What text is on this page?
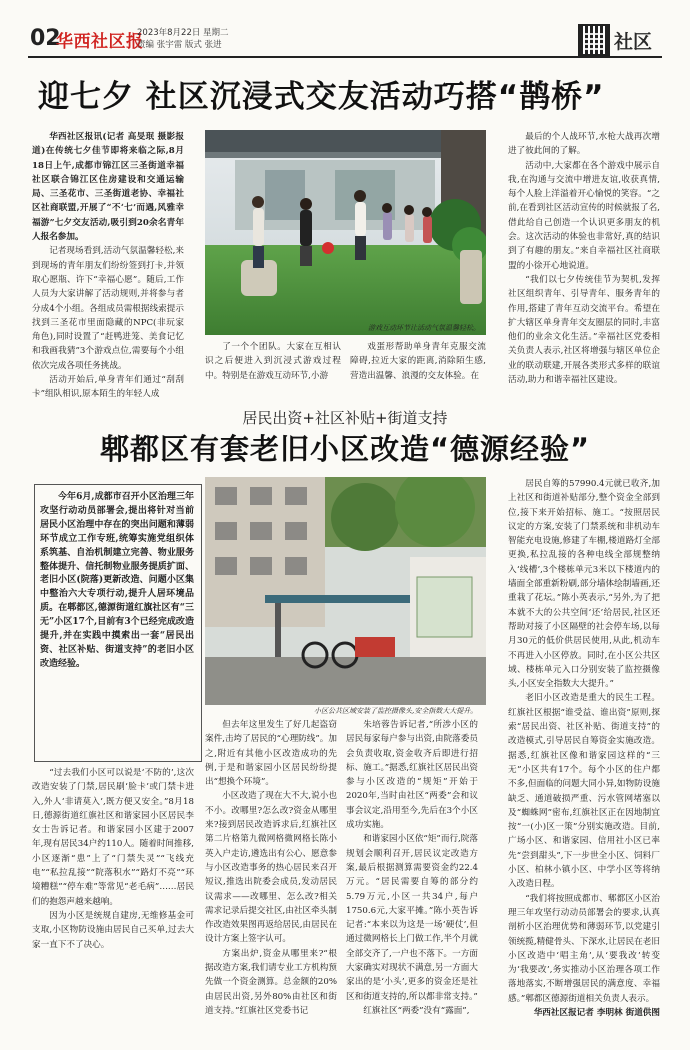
02
华西社区报
2023年8月22日 星期二
责编 张宇雷 版式 张进	社区
迎七夕 社区沉浸式交友活动巧搭“鹊桥”

华西社区报讯(记者 高旻珉 摄影报道)在传统七夕佳节即将来临之际,8月18日上午,成都市锦江区三圣街道幸福社区联合锦江区住房建设和交通运输局、三圣花市、三圣街道老协、幸福社区社商联盟,开展了“不‘七’而遇,风雅幸福游”七夕交友活动,吸引到20余名青年人报名参加。

记者现场看到,活动气氛温馨轻松,来到现场的青年朋友们纷纷签到打卡,并领取心愿瓶、许下“幸福心愿”。随后,工作人员为大家讲解了活动规则,并将参与者分成4个小组。各组成员需根据线索提示找到三圣花市里面隐藏的NPC(非玩家角色),同时设置了“赶鸭进笼、美食记忆和我画我猜”3个游戏点位,需要每个小组依次完成各项任务挑战。

活动开始后,单身青年们通过“刮刮卡”组队相识,原本陌生的年轻人成

游戏互动环节让活动气氛温馨轻松。

了一个个团队。大家在互相认识之后便进入到沉浸式游戏过程中。特别是在游戏互动环节,小游

戏蛋形帮助单身青年克服交流障碍,拉近大家的距离,消除陌生感,营造出温馨、浪漫的交友体验。在

最后的个人战环节,水枪大战再次增进了彼此间的了解。

活动中,大家都在各个游戏中展示自我,在沟通与交流中增进友谊,收获真情,每个人脸上洋溢着开心愉悦的笑容。“之前,在看到社区活动宣传的时候就报了名,借此给自己创造一个认识更多朋友的机会。这次活动的体验也非常好,真的结识到了有趣的朋友。”来自幸福社区社商联盟的小徐开心地说道。

“我们以七夕传统佳节为契机,发挥社区组织青年、引导青年、服务青年的作用,搭建了青年互动交流平台。希望在扩大辖区单身青年交友圈层的同时,丰富他们的业余文化生活。”幸福社区党委相关负责人表示,社区将增强与辖区单位企业的联动联建,开展各类形式多样的联谊活动,助力和谐幸福社区建设。

居民出资+社区补贴+街道支持
郫都区有套老旧小区改造“德源经验”

今年6月,成都市召开小区治理三年攻坚行动动员部署会,提出将针对当前居民小区治理中存在的突出问题和薄弱环节成立工作专班,统筹实施党组织体系筑基、自治机制建立完善、物业服务整体提升、信托制物业服务提质扩面、老旧小区(院落)更新改造、问题小区集中整治六大专项行动,提升人居环境品质。在郫都区,德源街道红旗社区有“三无”小区17个,目前有3个已经完成改造提升,并在实践中摸索出一套“居民出资、社区补贴、街道支持”的老旧小区改造经验。

小区公共区域安装了监控摄像头,安全指数大大提升。

“过去我们小区可以说是‘不防的’,这次改造安装了门禁,居民刷‘脸卡’或门禁卡进入,外人‘非请莫入’,既方便又安全。”8月18日,德源街道红旗社区和谐家园小区居民李女士告诉记者。和谐家园小区建于2007年,现有居民34户约110人。随着时间推移,小区逐渐“患”上了“门禁失灵”“飞线充电”“私拉乱接”“院落积水”“路灯不亮”“环境糟糕”“停车难”等常见“老毛病”……居民们的抱怨声越来越响。

因为小区是统规自建房,无维修基金可支取,小区物防设施由居民自己买单,过去大家一直下不了决心。

但去年这里发生了好几起盗窃案件,击垮了居民的“心理防线”。加之,附近有其他小区改造成功的先例,于是和谐家园小区居民纷纷提出“想换个环境”。

小区改造了现在大不大,说小也不小。改哪里?怎么改?资金从哪里来?接到居民改造诉求后,红旗社区第二片格第九微网格微网格长陈小英入户走访,遴选出有公心、愿意参与小区改造事务的热心居民来召开短议,推选出院委会成员,发动居民议需求——改哪里、怎么改?相关需求记录后提交社区,由社区牵头制作改造效果图再返给居民,由居民在设计方案上签字认可。

方案出炉,资金从哪里来?“根据改造方案,我们请专业工方机构预先做一个资金测算。总金额的20%由居民出资,另外80%由社区和街道支持。”红旗社区党委书记

朱培蓉告诉记者,“所涉小区的居民每家每户参与出资,由院落委员会负责收取,资金收齐后即进行招标、施工。”据悉,红旗社区居民出资参与小区改造的“规矩”开始于2020年,当时由社区“两委”会和议事会议定,沿用至今,先后在3个小区成功实施。

和谐家园小区依“矩”而行,院落规划会顺利召开,居民议定改造方案,最后根据测算需要资金约22.4万元。“居民需要自筹的部分约5.79万元,小区一共34户,每户1750.6元,大家平摊。”陈小英告诉记者:“本来以为这是一场‘硬仗’,但通过微网格长上门做工作,半个月就全部交齐了,一户也不落下。一方面大家确实对现状不满意,另一方面大家出的是‘小头’,更多的资金还是社区和街道支持的,所以都非常支持。”

红旗社区“两委”没有“露面”,

居民自筹的57990.4元就已收齐,加上社区和街道补贴部分,整个资金全部到位,接下来开始招标、施工。“按照居民议定的方案,安装了门禁系统和非机动车智能充电设施,修建了车棚,楼道路灯全部更换,私拉乱接的各种电线全部规整纳入‘线槽’,3个楼栋单元3米以下楼道内的墙面全部重新粉刷,部分墙体绘制墙画,还重栽了花坛。”陈小英表示,“另外,为了把本就不大的公共空间‘还’给居民,社区还帮助对接了小区隔壁的社会停车场,以每月30元的低价供居民使用,从此,机动车不再进入小区停放。同时,在小区公共区域、楼栋单元入口分别安装了监控摄像头,小区安全指数大大提升。”

老旧小区改造是重大的民生工程。红旗社区根据“谁受益、谁出资”原则,探索“居民出资、社区补贴、街道支持”的改造模式,引导居民自筹资金实施改造。据悉,红旗社区像和谐家园这样的“三无”小区共有17个。每个小区的住户都不多,但面临的问题大同小异,如物防设施缺乏、通道破损严重、污水管网堵塞以及“蜘蛛网”密布,红旗社区正在因地制宜按“一(小)区一策”分别实施改造。目前,广场小区、和谐家园、信用社小区已率先“尝到甜头”,下一步世全小区、饲料厂小区、柏林小镇小区、中学小区等将纳入改造日程。

“我们将按照成都市、郫都区小区治理三年攻坚行动动员部署会的要求,认真剖析小区治理优势和薄弱环节,以党建引领统揽,精健骨头、下深水,让居民在老旧小区改造中‘唱主角’,从‘要我改’转变为‘我要改’,务实推动小区治理各项工作落地落实,不断增强居民的满意度、幸福感。”郫都区德源街道相关负责人表示。

华西社区报记者 李明林 街道供图
